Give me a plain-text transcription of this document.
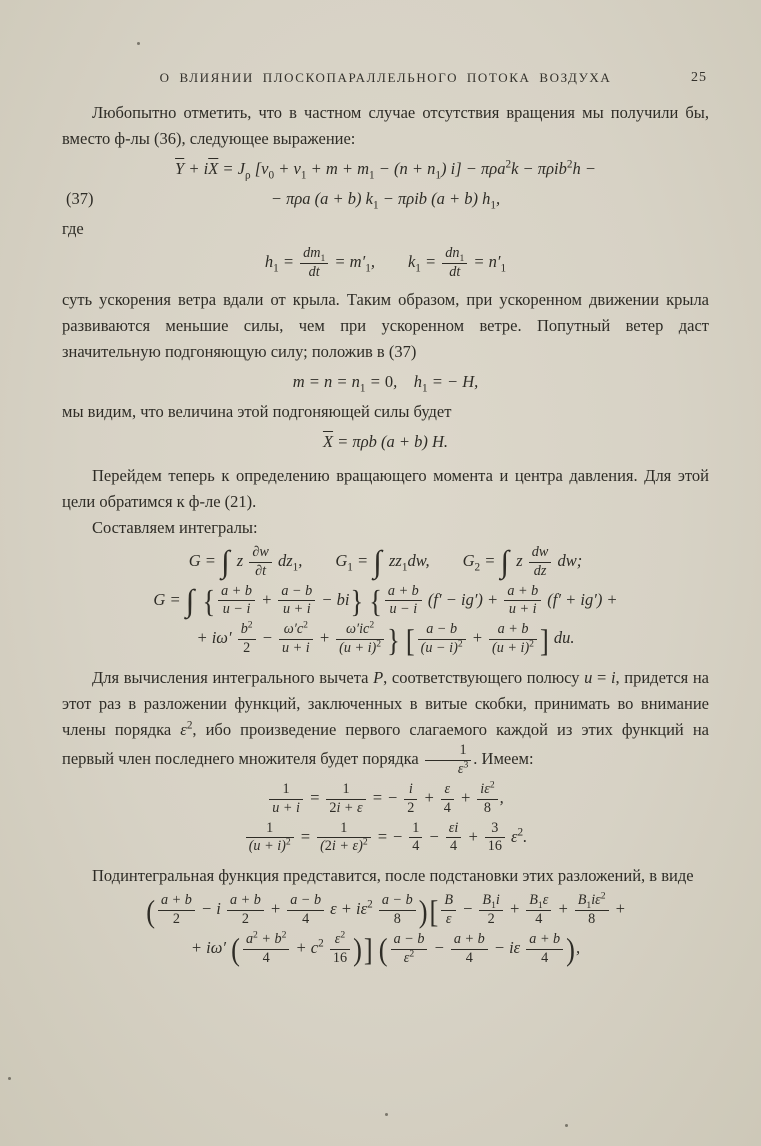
О ВЛИЯНИИ ПЛОСКОПАРАЛЛЕЛЬНОГО ПОТОКА ВОЗДУХА	25

Любопытно отметить, что в частном случае отсутствия вращения мы получили бы, вместо ф-лы (36), следующее выражение:

$\overline{Y} + i\overline{X} = J_\rho$ $[v_0 + v_1 + m + m_1 - (n + n_1) i] - \pi\rho a^2k - \pi\rho ib^2h$ −
(37)	− πρa (a + b) $k_1 - \pi\rho ib$ (a + b) $h_1$,

где

$h_1 = \frac{dm_1}{dt} = m'_1$,  $k_1 = \frac{dn_1}{dt} = n'_1$

суть ускорения ветра вдали от крыла. Таким образом, при ускоренном движении крыла развиваются меньшие силы, чем при ускоренном ветре. Попутный ветер даст значительную подгоняющую силу; положив в (37)

$m = n = n_1 = 0$, $h_1$ = − H,

мы видим, что величина этой подгоняющей силы будет

$\overline{X} = \pi\rho b$ (a + b) H.

Перейдем теперь к определению вращающего момента и центра давления. Для этой цели обратимся к ф-ле (21).

Составляем интегралы:

G = ∫ z $\frac{\partial w}{\partial t} dz_1$,  $G_1$ = ∫ $zz_1dw$,  $G_2$ = ∫ z $\frac{dw}{dz}$ dw;
G = ∫ { $\frac{a + b}{u - i} + \frac{a - b}{u + i} - bi$} { $\frac{a + b}{u - i} (f' - ig') + \frac{a + b}{u + i} (f' + ig')$ +
+ $i\omega' \frac{b^2}{2} - \frac{\omega'c^2}{u + i} + \frac{\omega'ic^2}{(u + i)^2}$ } [ $\frac{a - b}{(u - i)^2} + \frac{a + b}{(u + i)^2}$ ] du.

Для вычисления интегрального вычета P, соответствующего полюсу u = i, придется на этот раз в разложении функций, заключенных в витые скобки, принимать во внимание члены порядка $\varepsilon^2$, ибо произведение первого слагаемого каждой из этих функций на первый член последнего множителя будет порядка $\frac{1}{\varepsilon^3}$ . Имеем:

$\frac{1}{u + i} = \frac{1}{2i + \varepsilon}$ = − $\frac{i}{2} + \frac{\varepsilon}{4} + \frac{i\varepsilon^2}{8}$ ,
$\frac{1}{(u + i)^2} = \frac{1}{(2i + \varepsilon)^2}$ = − $\frac{1}{4} - \frac{\varepsilon i}{4} + \frac{3}{16} \varepsilon^2$.

Подинтегральная функция представится, после подстановки этих разложений, в виде

( $\frac{a + b}{2} - i \frac{a + b}{2} + \frac{a - b}{4}$ $\varepsilon + i\varepsilon^2 \frac{a - b}{8}$ )[ $\frac{B}{\varepsilon} - \frac{B_1i}{2} + \frac{B_1\varepsilon}{4} + \frac{B_1i\varepsilon^2}{8}$ +
+ iω′ ( $\frac{a^2 + b^2}{4} + c^2 \frac{\varepsilon^2}{16}$ )] ( $\frac{a - b}{\varepsilon^2} - \frac{a + b}{4} - i\varepsilon \frac{a + b}{4}$ ),
